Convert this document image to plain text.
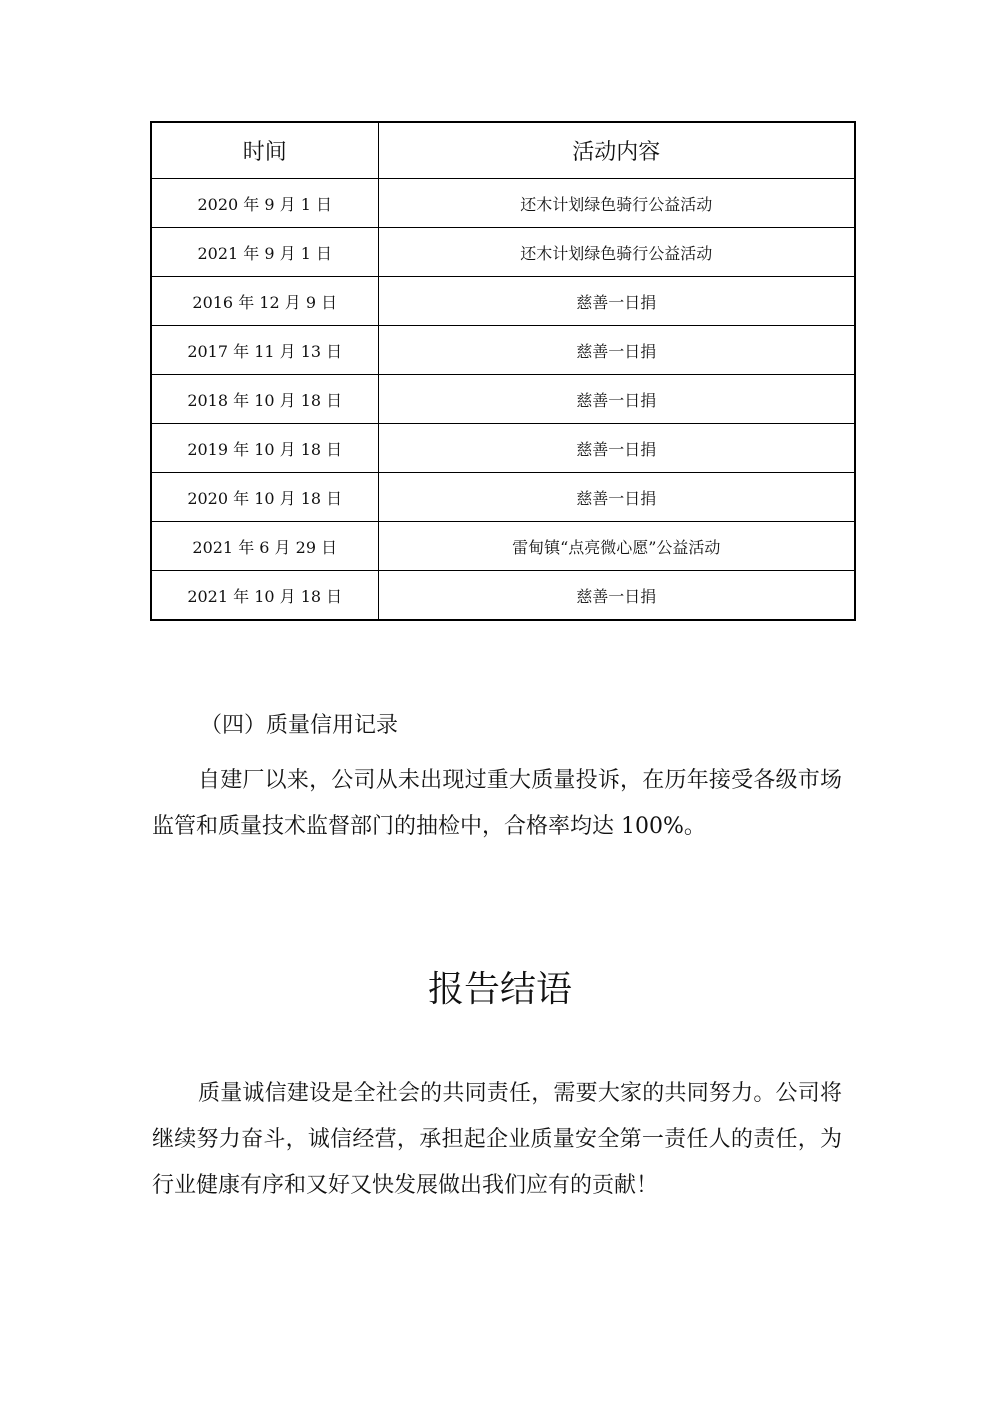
时间	活动内容
2020 年 9 月 1 日	还木计划绿色骑行公益活动
2021 年 9 月 1 日	还木计划绿色骑行公益活动
2016 年 12 月 9 日	慈善一日捐
2017 年 11 月 13 日	慈善一日捐
2018 年 10 月 18 日	慈善一日捐
2019 年 10 月 18 日	慈善一日捐
2020 年 10 月 18 日	慈善一日捐
2021 年 6 月 29 日	雷甸镇“点亮微心愿”公益活动
2021 年 10 月 18 日	慈善一日捐
（四）质量信用记录

自建厂以来，公司从未出现过重大质量投诉，在历年接受各级市场监管和质量技术监督部门的抽检中，合格率均达 100%。

报告结语

质量诚信建设是全社会的共同责任，需要大家的共同努力。公司将继续努力奋斗，诚信经营，承担起企业质量安全第一责任人的责任，为行业健康有序和又好又快发展做出我们应有的贡献！
